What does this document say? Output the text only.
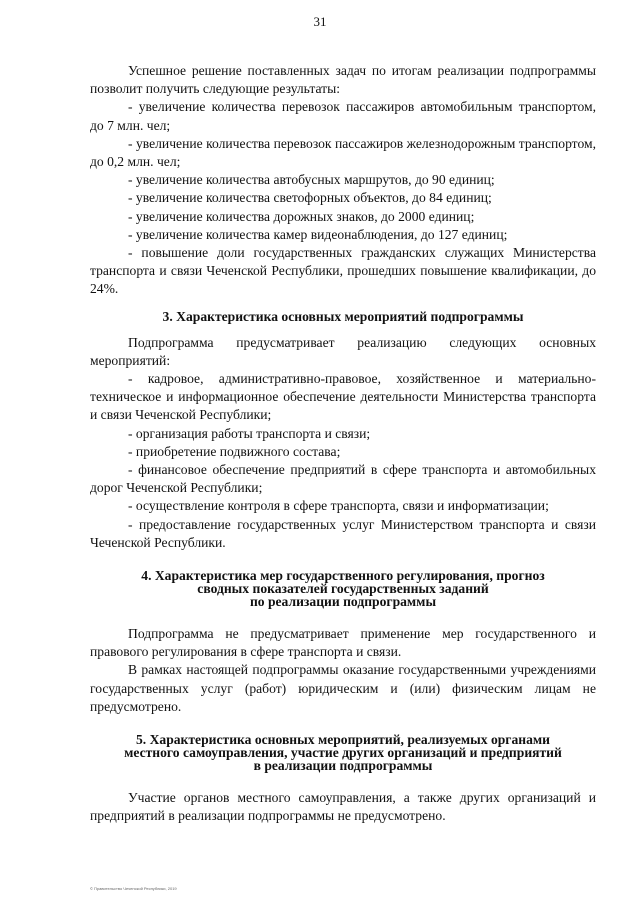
31

Успешное решение поставленных задач по итогам реализации подпрограммы позволит получить следующие результаты:

- увеличение количества перевозок пассажиров автомобильным транспортом, до 7 млн. чел;

- увеличение количества перевозок пассажиров железнодорожным транспортом, до 0,2 млн. чел;

- увеличение количества автобусных маршрутов, до 90 единиц;

- увеличение количества светофорных объектов, до 84 единиц;

- увеличение количества дорожных знаков, до 2000 единиц;

- увеличение количества камер видеонаблюдения, до 127 единиц;

- повышение доли государственных гражданских служащих Министерства транспорта и связи Чеченской Республики, прошедших повышение квалификации, до 24%.

3. Характеристика основных мероприятий подпрограммы

Подпрограмма предусматривает реализацию следующих основных мероприятий:

- кадровое, административно-правовое, хозяйственное и материально-техническое и информационное обеспечение деятельности Министерства транспорта и связи Чеченской Республики;

- организация работы транспорта и связи;

- приобретение подвижного состава;

- финансовое обеспечение предприятий в сфере транспорта и автомобильных дорог Чеченской Республики;

- осуществление контроля в сфере транспорта, связи и информатизации;

- предоставление государственных услуг Министерством транспорта и связи Чеченской Республики.

4. Характеристика мер государственного регулирования, прогноз
сводных показателей государственных заданий
по реализации подпрограммы

Подпрограмма не предусматривает применение мер государственного и правового регулирования в сфере транспорта и связи.

В рамках настоящей подпрограммы оказание государственными учреждениями государственных услуг (работ) юридическим и (или) физическим лицам не предусмотрено.

5. Характеристика основных мероприятий, реализуемых органами
местного самоуправления, участие других организаций и предприятий
в реализации подпрограммы

Участие органов местного самоуправления, а также других организаций и предприятий в реализации подпрограммы не предусмотрено.

© Правительство Чеченской Республики, 2019
